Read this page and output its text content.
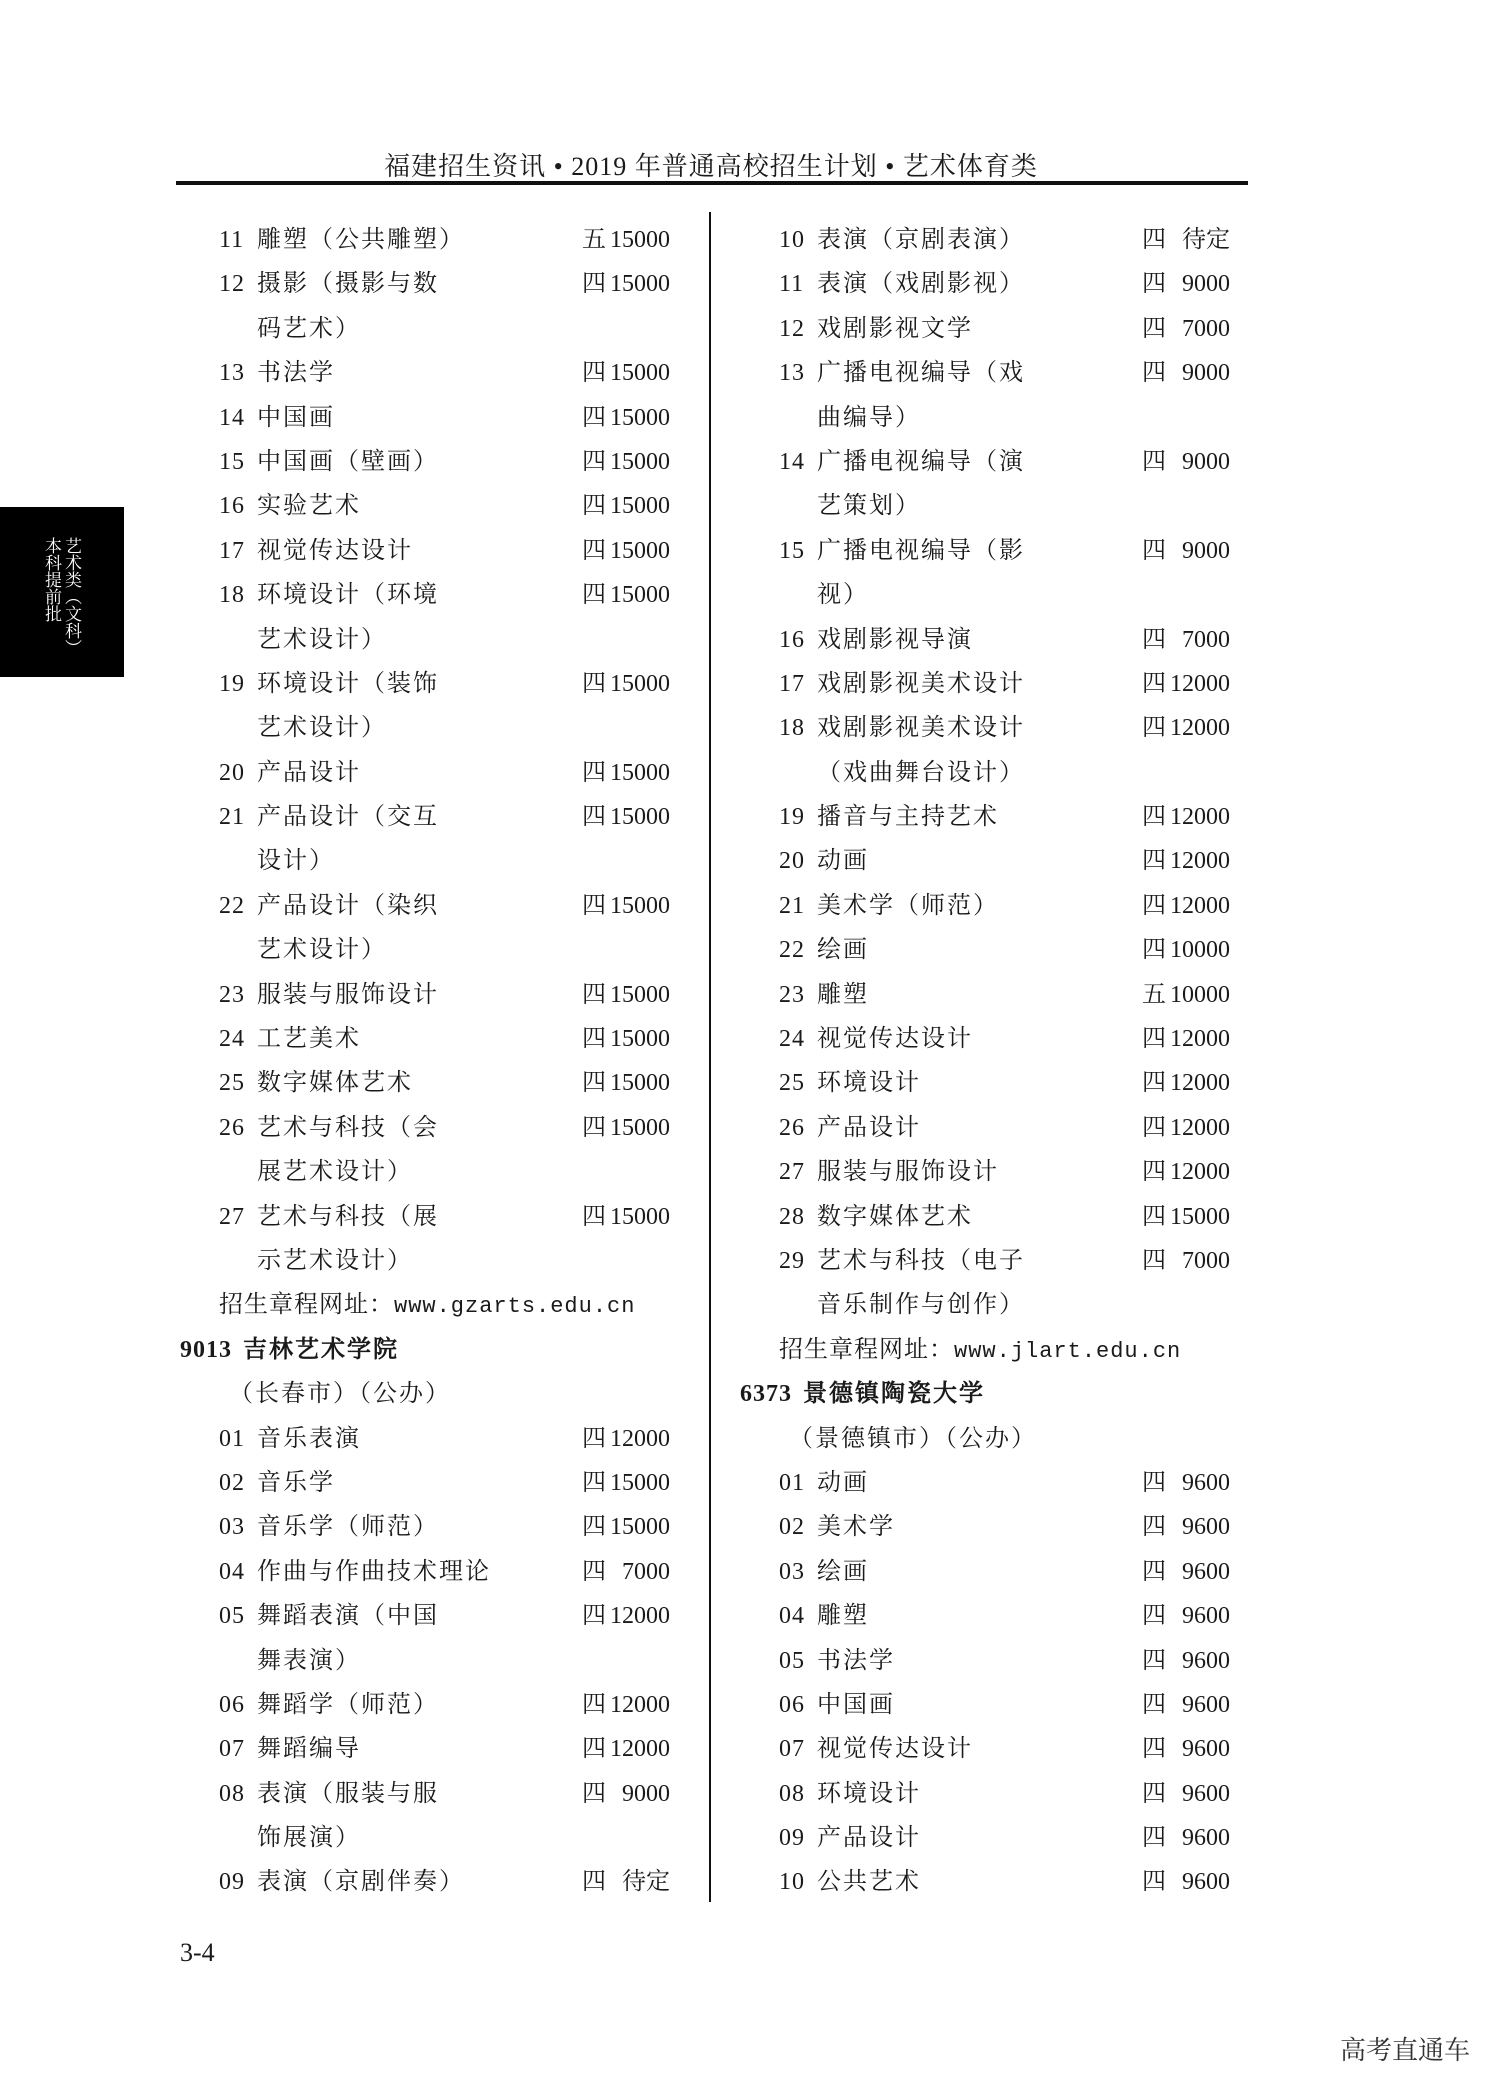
福建招生资讯 • 2019 年普通高校招生计划 • 艺术体育类
11 雕塑（公共雕塑）	五 15000
12 摄影（摄影与数	四 15000
码艺术）
13 书法学	四 15000
14 中国画	四 15000
15 中国画（壁画）	四 15000
16 实验艺术	四 15000
17 视觉传达设计	四 15000
18 环境设计（环境	四 15000
艺术设计）
19 环境设计（装饰	四 15000
艺术设计）
20 产品设计	四 15000
21 产品设计（交互	四 15000
设计）
22 产品设计（染织	四 15000
艺术设计）
23 服装与服饰设计	四 15000
24 工艺美术	四 15000
25 数字媒体艺术	四 15000
26 艺术与科技（会	四 15000
展艺术设计）
27 艺术与科技（展	四 15000
示艺术设计）
招生章程网址：www.gzarts.edu.cn
9013 吉林艺术学院
（长春市）（公办）
01 音乐表演	四 12000
02 音乐学	四 15000
03 音乐学（师范）	四 15000
04 作曲与作曲技术理论	四 7000
05 舞蹈表演（中国	四 12000
舞表演）
06 舞蹈学（师范）	四 12000
07 舞蹈编导	四 12000
08 表演（服装与服	四 9000
饰展演）
09 表演（京剧伴奏）	四 待定
10 表演（京剧表演）	四 待定
11 表演（戏剧影视）	四 9000
12 戏剧影视文学	四 7000
13 广播电视编导（戏	四 9000
曲编导）
14 广播电视编导（演	四 9000
艺策划）
15 广播电视编导（影	四 9000
视）
16 戏剧影视导演	四 7000
17 戏剧影视美术设计	四 12000
18 戏剧影视美术设计	四 12000
（戏曲舞台设计）
19 播音与主持艺术	四 12000
20 动画	四 12000
21 美术学（师范）	四 12000
22 绘画	四 10000
23 雕塑	五 10000
24 视觉传达设计	四 12000
25 环境设计	四 12000
26 产品设计	四 12000
27 服装与服饰设计	四 12000
28 数字媒体艺术	四 15000
29 艺术与科技（电子	四 7000
音乐制作与创作）
招生章程网址：www.jlart.edu.cn
6373 景德镇陶瓷大学
（景德镇市）（公办）
01 动画	四 9600
02 美术学	四 9600
03 绘画	四 9600
04 雕塑	四 9600
05 书法学	四 9600
06 中国画	四 9600
07 视觉传达设计	四 9600
08 环境设计	四 9600
09 产品设计	四 9600
10 公共艺术	四 9600
艺术类（文科）
本科提前批
3-4
高考直通车
